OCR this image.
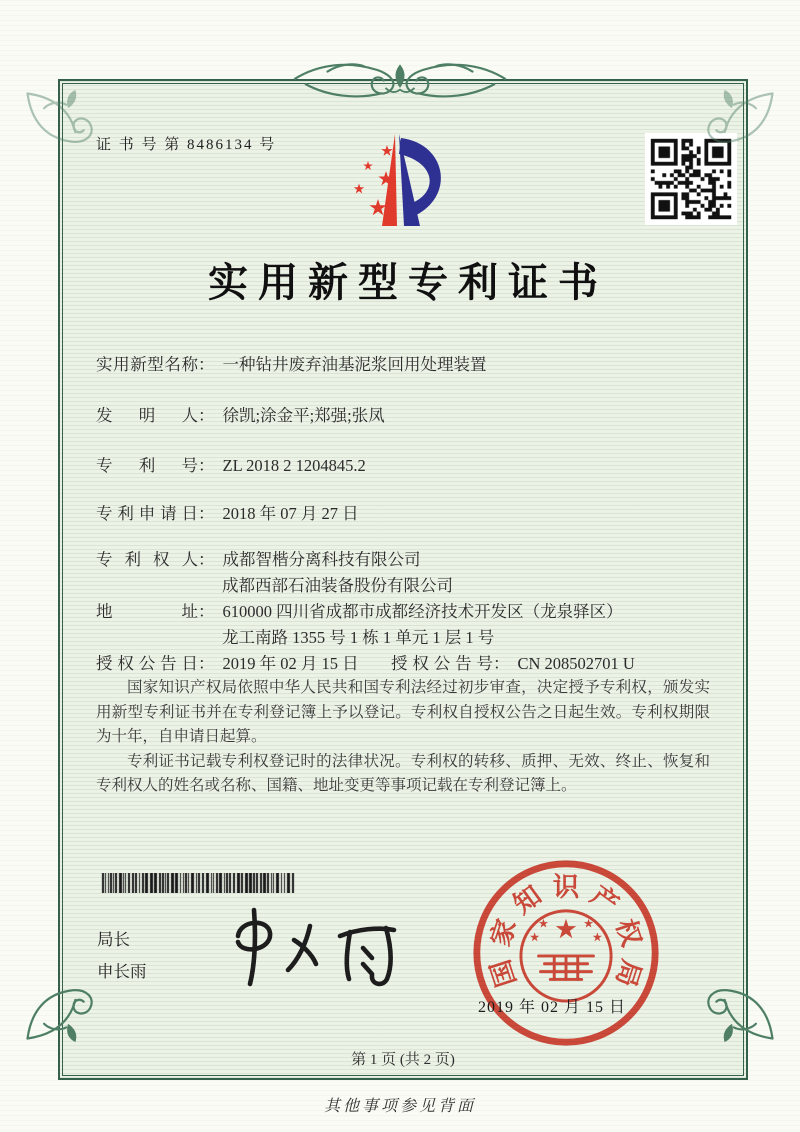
证 书 号 第 8486134 号
实用新型专利证书
实 用 新 型 名 称 ： 一种钻井废弃油基泥浆回用处理装置
发 明 人 ： 徐凯;涂金平;郑强;张凤
专 利 号 ： ZL 2018 2 1204845.2
专 利 申 请 日 ： 2018 年 07 月 27 日
专 利 权 人 ： 成都智楷分离科技有限公司
成都西部石油装备股份有限公司
地	址 ： 610000 四川省成都市成都经济技术开发区（龙泉驿区）
龙工南路 1355 号 1 栋 1 单元 1 层 1 号
授 权 公 告 日 ： 2019 年 02 月 15 日 授 权 公 告 号 ： CN 208502701 U

国家知识产权局依照中华人民共和国专利法经过初步审查，决定授予专利权，颁发实用新型专利证书并在专利登记簿上予以登记。专利权自授权公告之日起生效。专利权期限为十年，自申请日起算。

专利证书记载专利权登记时的法律状况。专利权的转移、质押、无效、终止、恢复和专利权人的姓名或名称、国籍、地址变更等事项记载在专利登记簿上。

局长
申长雨	国
家
知 识 产
权
局
2019 年 02 月 15 日
第 1 页 (共 2 页)
其他事项参见背面
